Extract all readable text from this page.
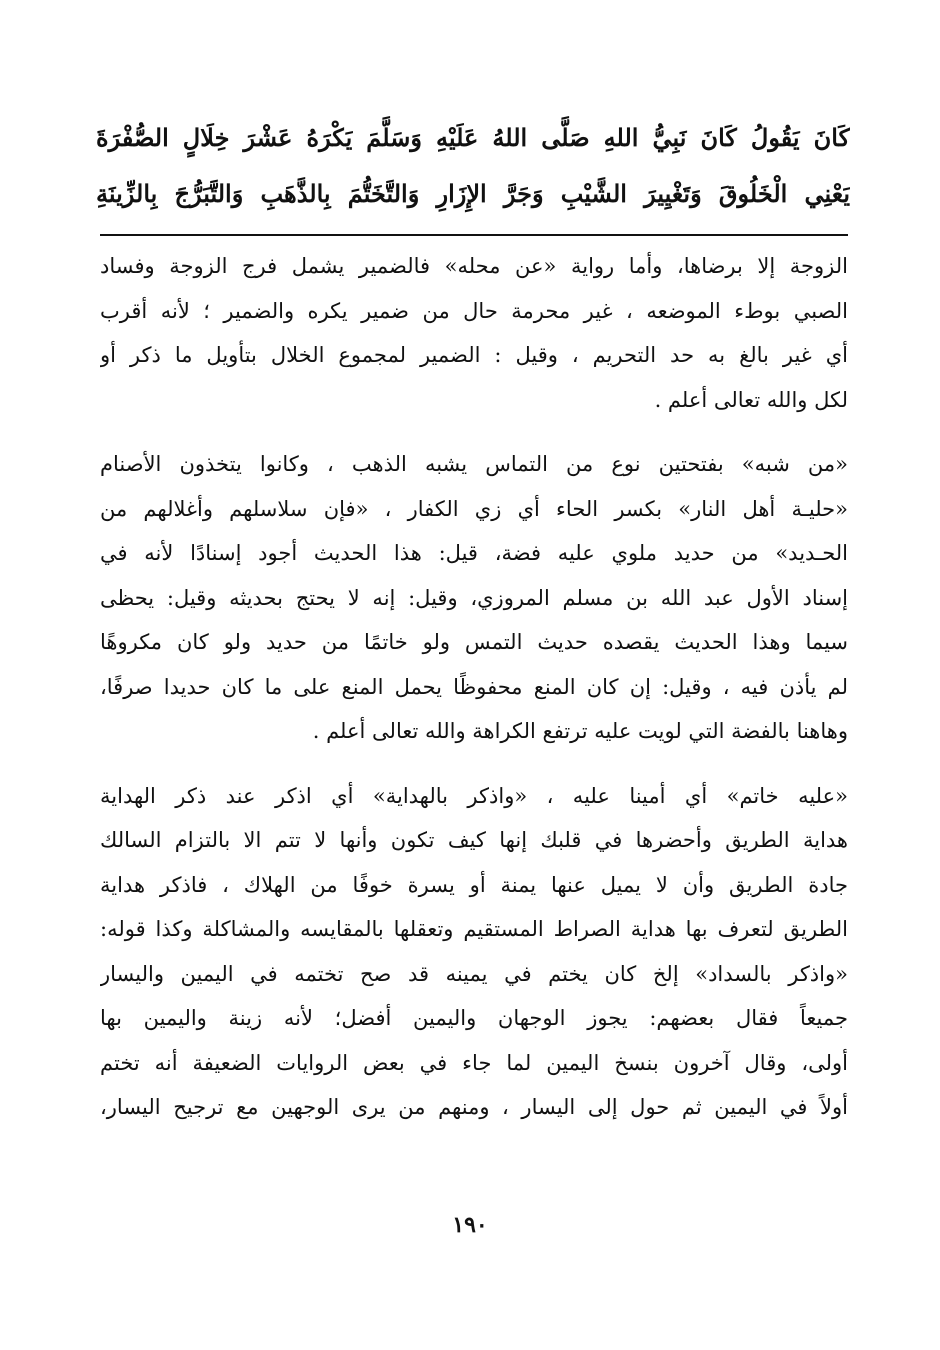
كَانَ يَقُولُ كَانَ نَبِيُّ اللهِ صَلَّى اللهُ عَلَيْهِ وَسَلَّمَ يَكْرَهُ عَشْرَ خِلَالٍ الصُّفْرَةَ
يَعْنِي الْخَلُوقَ وَتَغْيِيرَ الشَّيْبِ وَجَرَّ الإِزَارِ وَالتَّخَتُّمَ بِالذَّهَبِ وَالتَّبَرُّجَ بِالزِّينَةِ
الزوجة إلا برضاها، وأما رواية «عن محله» فالضمير يشمل فرج الزوجة وفساد
الصبي بوطء الموضعه ، غير محرمة حال من ضمير يكره والضمير ؛ لأنه أقرب
أي غير بالغ به حد التحريم ، وقيل : الضمير لمجموع الخلال بتأويل ما ذكر أو
لكل والله تعالى أعلم .
«من شبه» بفتحتين نوع من التماس يشبه الذهب ، وكانوا يتخذون الأصنام
«حليـة أهل النار» بكسر الحاء أي زي الكفار ، «فإن سلاسلهم وأغلالهم من
الحـديد» من حديد ملوي عليه فضة، قيل: هذا الحديث أجود إسنادًا لأنه في
إسناد الأول عبد الله بن مسلم المروزي، وقيل: إنه لا يحتج بحديثه وقيل: يحظى
سيما وهذا الحديث يقصده حديث التمس ولو خاتمًا من حديد ولو كان مكروهًا
لم يأذن فيه ، وقيل: إن كان المنع محفوظًا يحمل المنع على ما كان حديدا صرفًا،
وهاهنا بالفضة التي لويت عليه ترتفع الكراهة والله تعالى أعلم .
«عليه خاتم» أي أمينا عليه ، «واذكر بالهداية» أي اذكر عند ذكر الهداية
هداية الطريق وأحضرها في قلبك إنها كيف تكون وأنها لا تتم الا بالتزام السالك
جادة الطريق وأن لا يميل عنها يمنة أو يسرة خوفًا من الهلاك ، فاذكر هداية
الطريق لتعرف بها هداية الصراط المستقيم وتعقلها بالمقايسه والمشاكلة وكذا قوله:
«واذكر بالسداد» إلخ كان يختم في يمينه قد صح تختمه في اليمين واليسار
جميعاً فقال بعضهم: يجوز الوجهان واليمين أفضل؛ لأنه زينة واليمين بها
أولى، وقال آخرون بنسخ اليمين لما جاء في بعض الروايات الضعيفة أنه تختم
أولاً في اليمين ثم حول إلى اليسار ، ومنهم من يرى الوجهين مع ترجيح اليسار،
١٩٠
